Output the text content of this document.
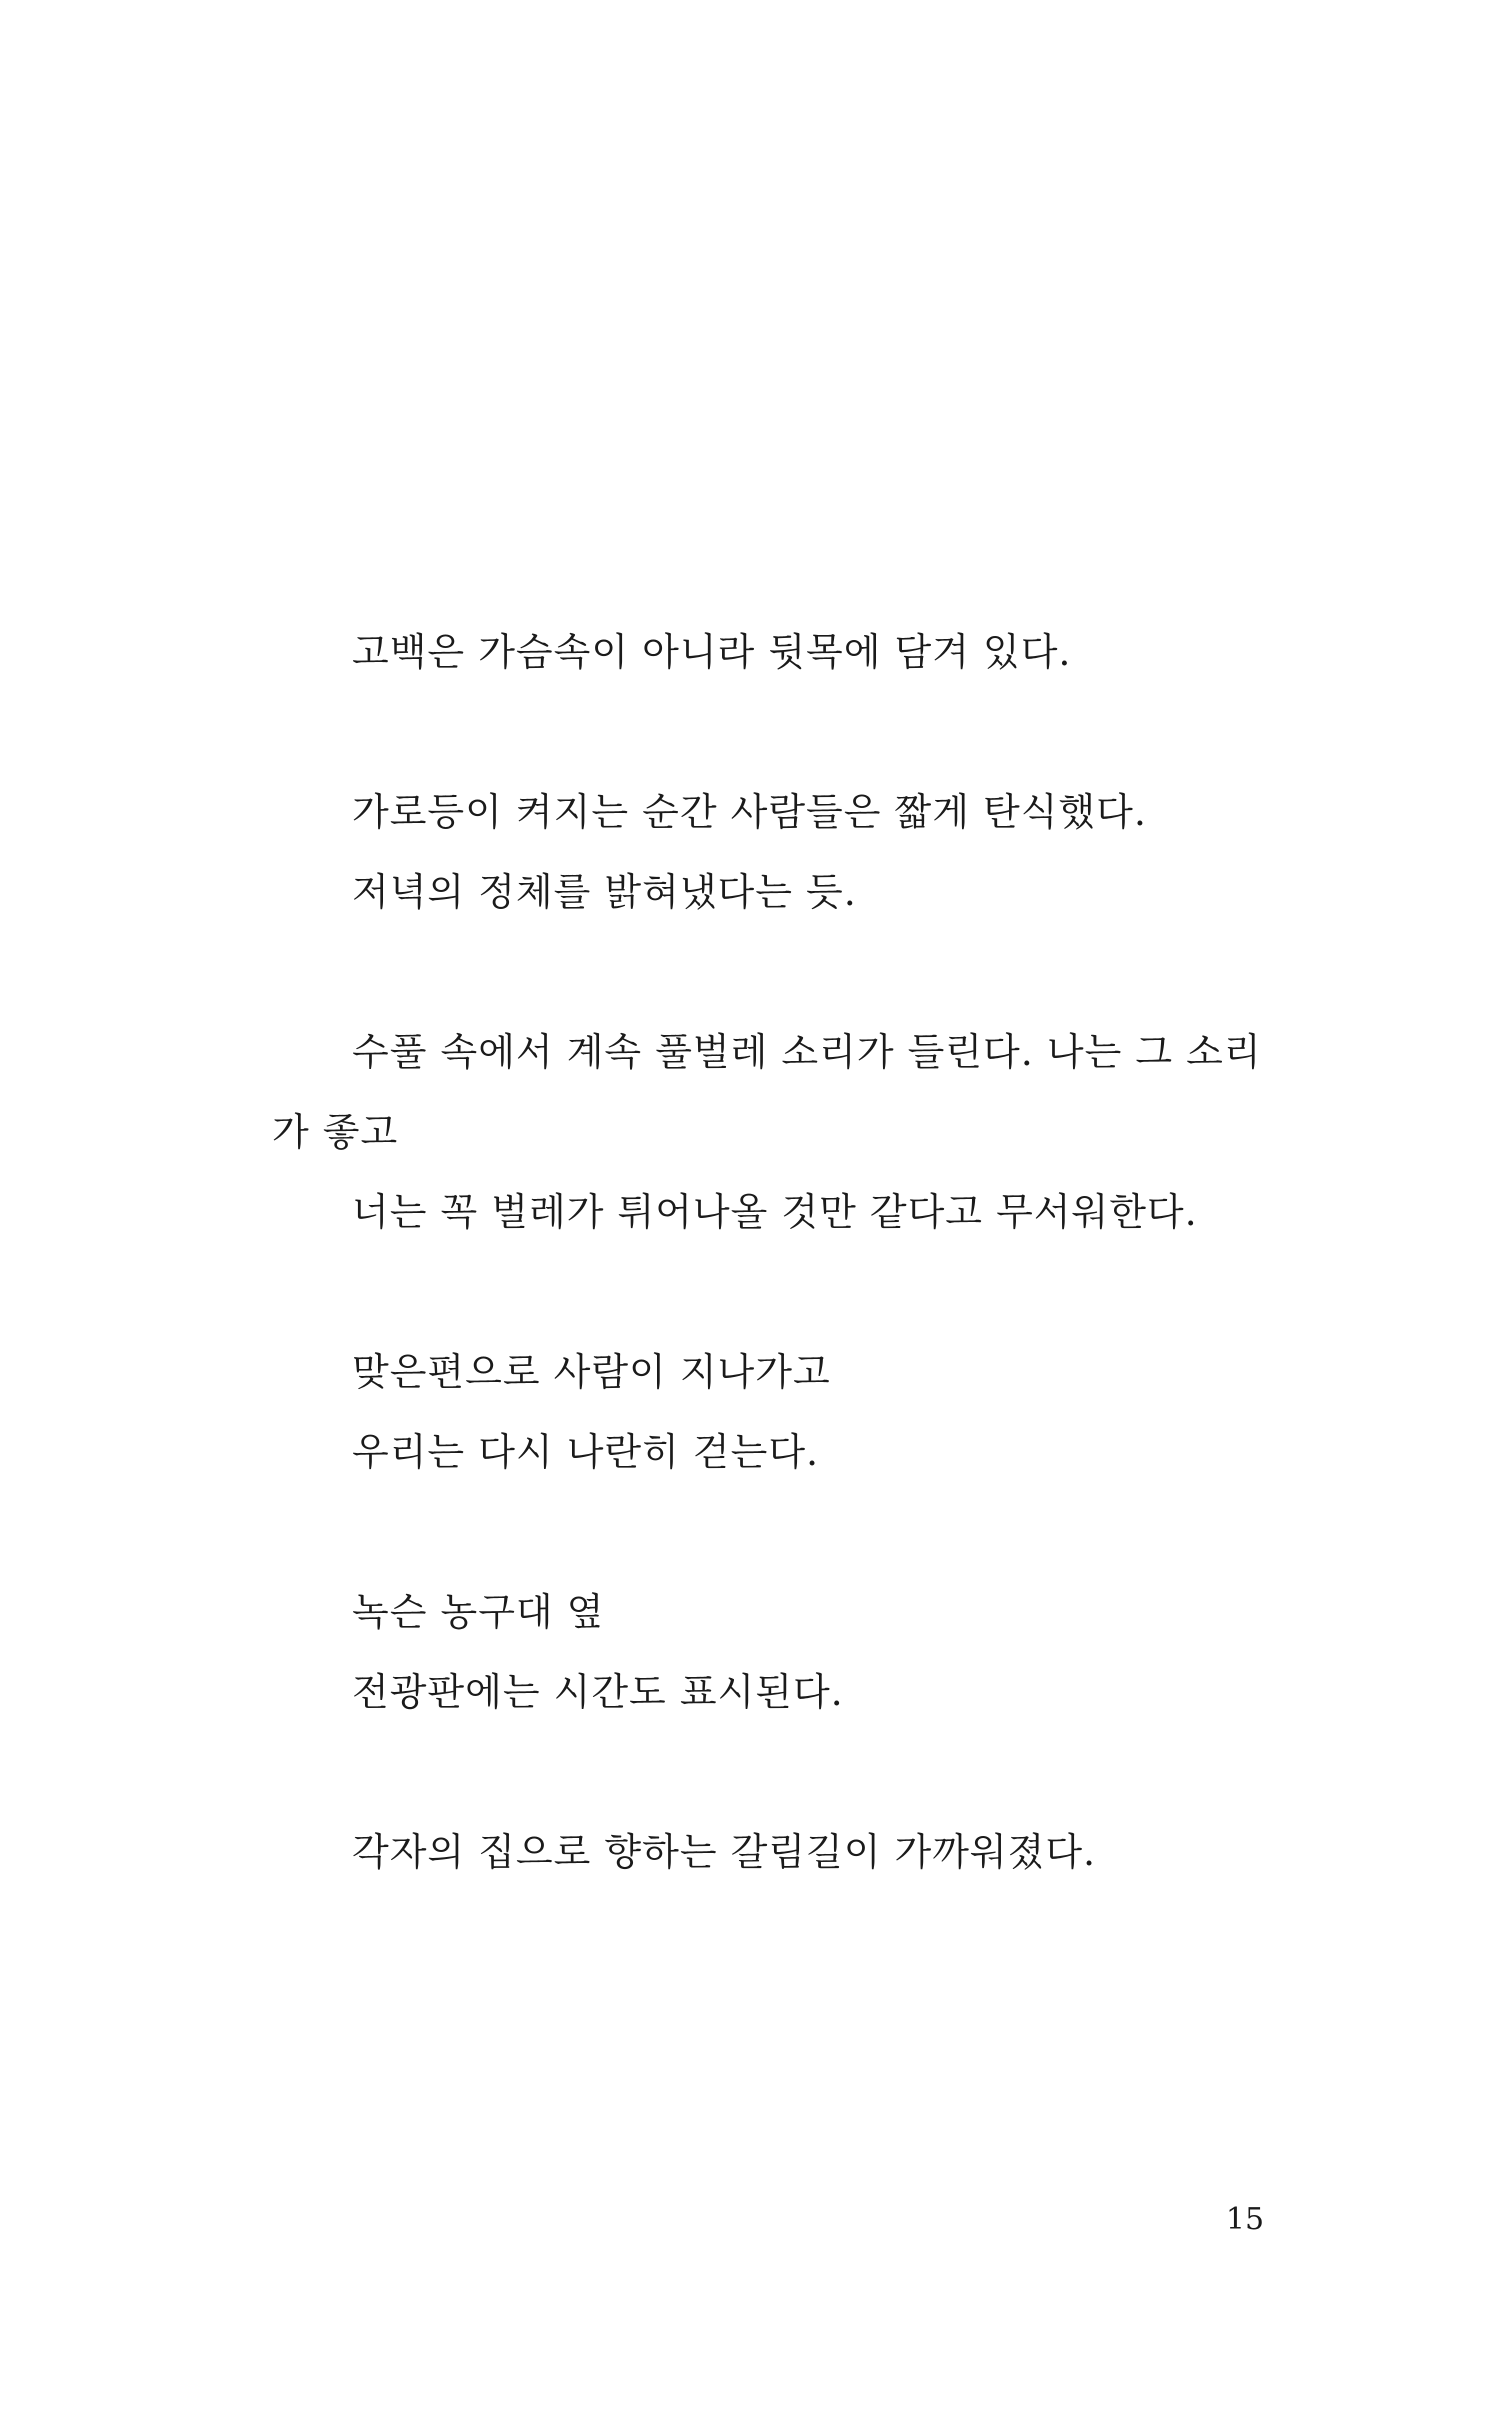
고백은 가슴속이 아니라 뒷목에 담겨 있다.
가로등이 켜지는 순간 사람들은 짧게 탄식했다.
저녁의 정체를 밝혀냈다는 듯.
수풀 속에서 계속 풀벌레 소리가 들린다. 나는 그 소리가 좋고
너는 꼭 벌레가 튀어나올 것만 같다고 무서워한다.
맞은편으로 사람이 지나가고
우리는 다시 나란히 걷는다.
녹슨 농구대 옆
전광판에는 시간도 표시된다.
각자의 집으로 향하는 갈림길이 가까워졌다.
15
